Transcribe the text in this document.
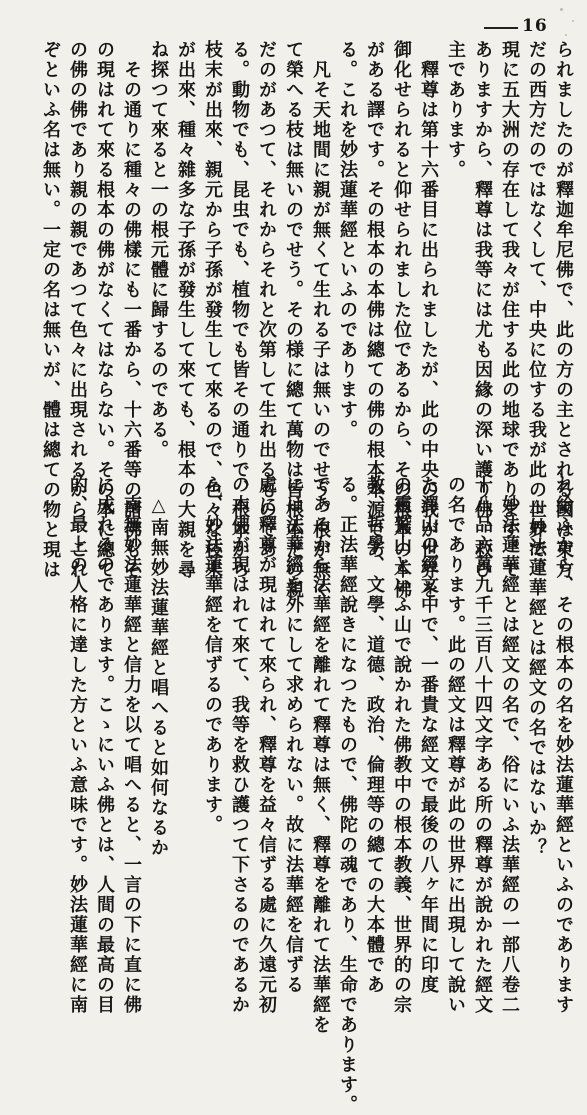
16
られましたのが釋迦牟尼佛で、此の方の主とされる國は東方
だの西方だのではなくして、中央に位する我が此の世界で、
現に五大洲の存在して我々が住する此の地球であります。で
ありますから、釋尊は我等には尤も因緣の深い護り佛、救ひ
主であります。
　釋尊は第十六番目に出られましたが、此の中央の我が世界を
御化せられると仰せられました位であるから、その根本の本佛
がある譯です。その根本の本佛は總ての佛の根本本源であ
る。これを妙法蓮華經といふのであります。
　凡そ天地間に親が無くて生れる子は無いのでせう。根が無く
て榮へる枝は無いのでせう。その様に總て萬物は皆根本だの親
だのがあつて、それからそれと次第して生れ出るものであ
る。動物でも、昆虫でも、植物でも皆その通りで、根本から
枝末が出來、親元から子孫が發生して來るので、色々な枝末
が出來、種々雜多な子孫が發生して來ても、根本の大親を尋
ね探つて來ると一の根元體に歸するのである。
　その通りに種々の佛樣にも一番から、十六番等の諸佛もそ
の現はれて來る根本の佛がなくてはならない。その本に總て
の佛の佛であり親の親であつて色々に出現されるから、これ
ぞといふ名は無い。一定の名は無いが、體は總ての物と現は
れ給ふから、その根本の名を妙法蓮華經といふのであります
　△妙法蓮華經とは經文の名ではないか？
　妙法蓮華經とは經文の名で、俗にいふ法華經の一部八卷二
十八品六萬九千三百八十四文字ある所の釋尊が說かれた經文
の名であります。此の經文は釋尊が此の世界に出現して說い
た澤山の經文中で、一番貴な經文で最後の八ヶ年間に印度
の靈鷲山といふ山で說かれた佛教中の根本教義、世界的の宗
教、哲學、文學、道德、政治、倫理等の總ての大本體であ
る。正法華經說きになつたもので、佛陀の魂であり、生命であります。
であるから法華經を離れて釋尊は無く、釋尊を離れて法華經を
には法華經を外にして求められない。故に法華經を信ずる
處に釋尊が現はれて來られ、釋尊を益々信ずる處に久遠元初
の本佛が現はれて來て、我等を救ひ護つて下さるのであるか
ら、妙法蓮華經を信ずるのであります。
　△南無妙法蓮華經と唱へると如何なるか
　南無妙法蓮華經と信力を以て唱へると、一言の下に直に佛
に成れるのであります。こゝにいふ佛とは、人間の最高の目
的、最上の人格に達した方といふ意味です。妙法蓮華經に南
